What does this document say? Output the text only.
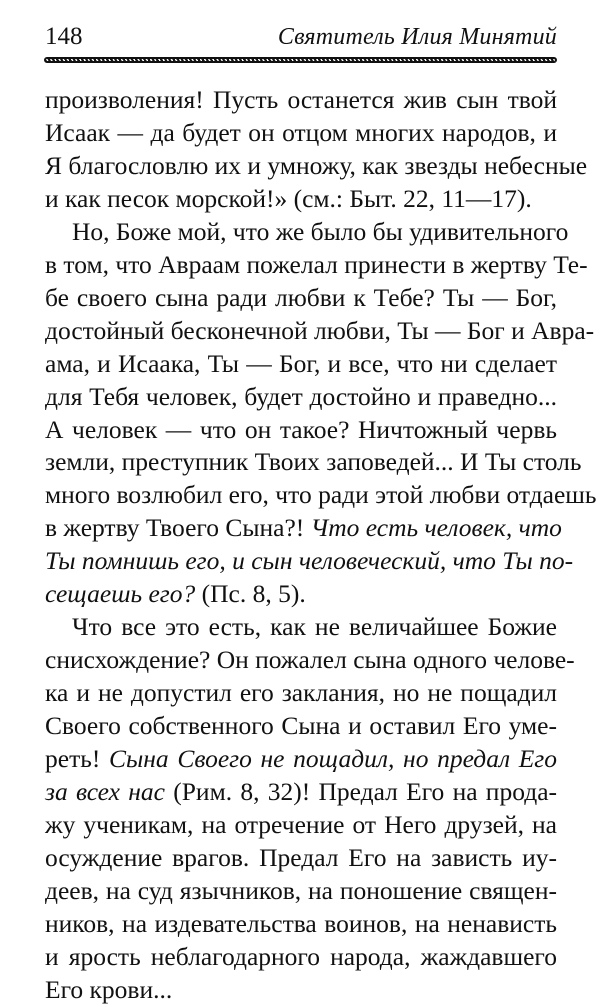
148	Святитель Илия Минятий
произволения! Пусть останется жив сын твой
Исаак — да будет он отцом многих народов, и
Я благословлю их и умножу, как звезды небесные
и как песок морской!» (см.: Быт. 22, 11—17).
Но, Боже мой, что же было бы удивительного
в том, что Авраам пожелал принести в жертву Те-
бе своего сына ради любви к Тебе? Ты — Бог,
достойный бесконечной любви, Ты — Бог и Авра-
ама, и Исаака, Ты — Бог, и все, что ни сделает
для Тебя человек, будет достойно и праведно...
А человек — что он такое? Ничтожный червь
земли, преступник Твоих заповедей... И Ты столь
много возлюбил его, что ради этой любви отдаешь
в жертву Твоего Сына?! Что есть человек, что
Ты помнишь его, и сын человеческий, что Ты по-
сещаешь его? (Пс. 8, 5).
Что все это есть, как не величайшее Божие
снисхождение? Он пожалел сына одного челове-
ка и не допустил его заклания, но не пощадил
Своего собственного Сына и оставил Его уме-
реть! Сына Своего не пощадил, но предал Его
за всех нас (Рим. 8, 32)! Предал Его на прода-
жу ученикам, на отречение от Него друзей, на
осуждение врагов. Предал Его на зависть иу-
деев, на суд язычников, на поношение священ-
ников, на издевательства воинов, на ненависть
и ярость неблагодарного народа, жаждавшего
Его крови...
